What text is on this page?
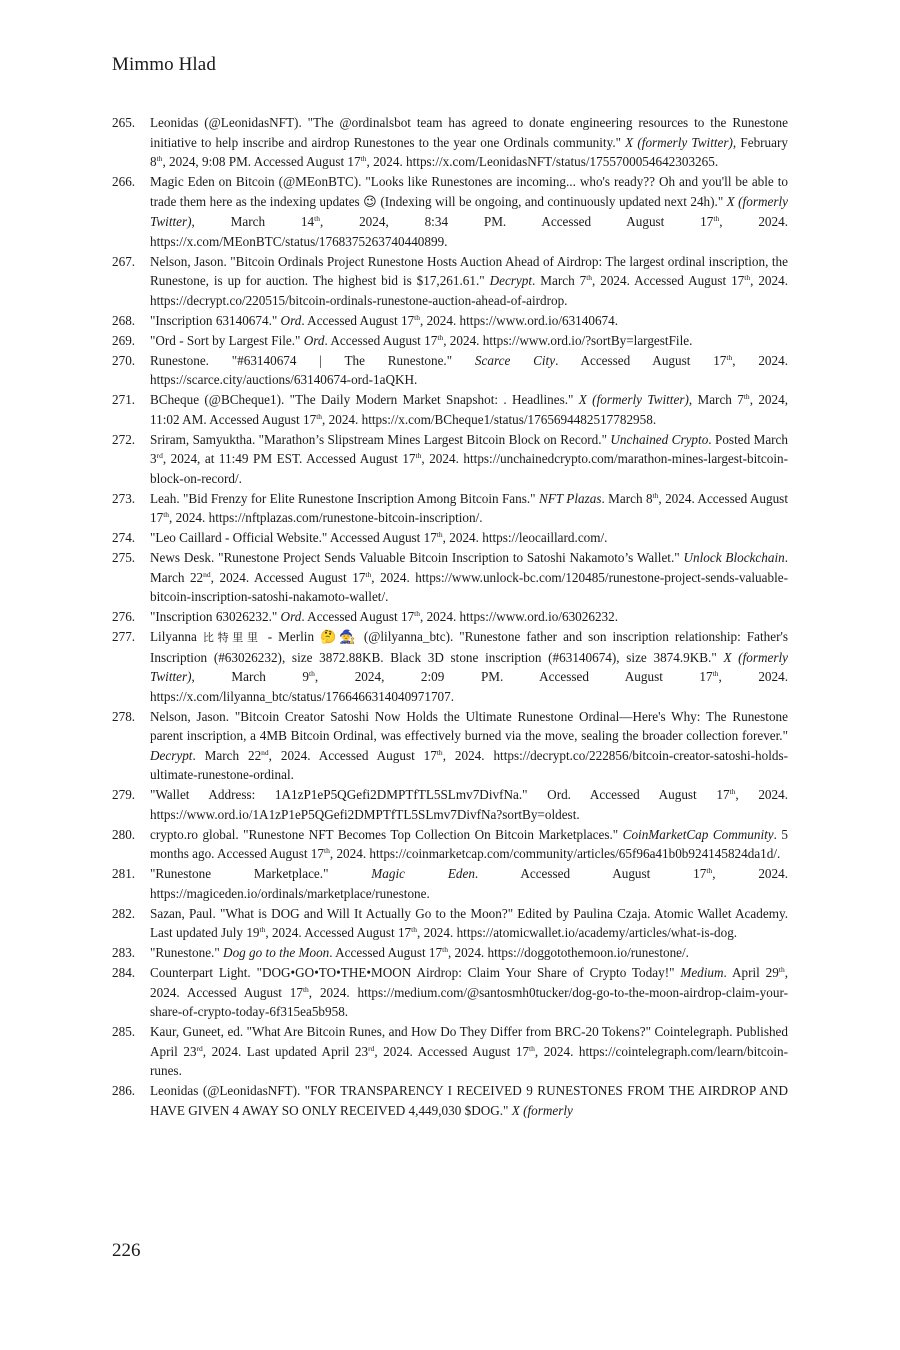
Mimmo Hlad
265. Leonidas (@LeonidasNFT). "The @ordinalsbot team has agreed to donate engineering resources to the Runestone initiative to help inscribe and airdrop Runestones to the year one Ordinals community." X (formerly Twitter), February 8th, 2024, 9:08 PM. Accessed August 17th, 2024. https://x.com/LeonidasNFT/status/1755700054642303265.
266. Magic Eden on Bitcoin (@MEonBTC). "Looks like Runestones are incoming... who's ready?? Oh and you'll be able to trade them here as the indexing updates 😉 (Indexing will be ongoing, and continuously updated next 24h)." X (formerly Twitter), March 14th, 2024, 8:34 PM. Accessed August 17th, 2024. https://x.com/MEonBTC/status/1768375263740440899.
267. Nelson, Jason. "Bitcoin Ordinals Project Runestone Hosts Auction Ahead of Airdrop: The largest ordinal inscription, the Runestone, is up for auction. The highest bid is $17,261.61." Decrypt. March 7th, 2024. Accessed August 17th, 2024. https://decrypt.co/220515/bitcoin-ordinals-runestone-auction-ahead-of-airdrop.
268. "Inscription 63140674." Ord. Accessed August 17th, 2024. https://www.ord.io/63140674.
269. "Ord - Sort by Largest File." Ord. Accessed August 17th, 2024. https://www.ord.io/?sortBy=largestFile.
270. Runestone. "#63140674 | The Runestone." Scarce City. Accessed August 17th, 2024. https://scarce.city/auctions/63140674-ord-1aQKH.
271. BCheque (@BCheque1). "The Daily Modern Market Snapshot: . Headlines." X (formerly Twitter), March 7th, 2024, 11:02 AM. Accessed August 17th, 2024. https://x.com/BCheque1/status/1765694482517782958.
272. Sriram, Samyuktha. "Marathon’s Slipstream Mines Largest Bitcoin Block on Record." Unchained Crypto. Posted March 3rd, 2024, at 11:49 PM EST. Accessed August 17th, 2024. https://unchainedcrypto.com/marathon-mines-largest-bitcoin-block-on-record/.
273. Leah. "Bid Frenzy for Elite Runestone Inscription Among Bitcoin Fans." NFT Plazas. March 8th, 2024. Accessed August 17th, 2024. https://nftplazas.com/runestone-bitcoin-inscription/.
274. "Leo Caillard - Official Website." Accessed August 17th, 2024. https://leocaillard.com/.
275. News Desk. "Runestone Project Sends Valuable Bitcoin Inscription to Satoshi Nakamoto’s Wallet." Unlock Blockchain. March 22nd, 2024. Accessed August 17th, 2024. https://www.unlock-bc.com/120485/runestone-project-sends-valuable-bitcoin-inscription-satoshi-nakamoto-wallet/.
276. "Inscription 63026232." Ord. Accessed August 17th, 2024. https://www.ord.io/63026232.
277. Lilyanna 比特里里 - Merlin 🤔🧙 (@lilyanna_btc). "Runestone father and son inscription relationship: Father's Inscription (#63026232), size 3872.88KB. Black 3D stone inscription (#63140674), size 3874.9KB." X (formerly Twitter), March 9th, 2024, 2:09 PM. Accessed August 17th, 2024. https://x.com/lilyanna_btc/status/1766466314040971707.
278. Nelson, Jason. "Bitcoin Creator Satoshi Now Holds the Ultimate Runestone Ordinal—Here's Why: The Runestone parent inscription, a 4MB Bitcoin Ordinal, was effectively burned via the move, sealing the broader collection forever." Decrypt. March 22nd, 2024. Accessed August 17th, 2024. https://decrypt.co/222856/bitcoin-creator-satoshi-holds-ultimate-runestone-ordinal.
279. "Wallet Address: 1A1zP1eP5QGefi2DMPTfTL5SLmv7DivfNa." Ord. Accessed August 17th, 2024. https://www.ord.io/1A1zP1eP5QGefi2DMPTfTL5SLmv7DivfNa?sortBy=oldest.
280. crypto.ro global. "Runestone NFT Becomes Top Collection On Bitcoin Marketplaces." CoinMarketCap Community. 5 months ago. Accessed August 17th, 2024. https://coinmarketcap.com/community/articles/65f96a41b0b924145824da1d/.
281. "Runestone Marketplace." Magic Eden. Accessed August 17th, 2024. https://magiceden.io/ordinals/marketplace/runestone.
282. Sazan, Paul. "What is DOG and Will It Actually Go to the Moon?" Edited by Paulina Czaja. Atomic Wallet Academy. Last updated July 19th, 2024. Accessed August 17th, 2024. https://atomicwallet.io/academy/articles/what-is-dog.
283. "Runestone." Dog go to the Moon. Accessed August 17th, 2024. https://doggotothemoon.io/runestone/.
284. Counterpart Light. "DOG•GO•TO•THE•MOON Airdrop: Claim Your Share of Crypto Today!" Medium. April 29th, 2024. Accessed August 17th, 2024. https://medium.com/@santosmh0tucker/dog-go-to-the-moon-airdrop-claim-your-share-of-crypto-today-6f315ea5b958.
285. Kaur, Guneet, ed. "What Are Bitcoin Runes, and How Do They Differ from BRC-20 Tokens?" Cointelegraph. Published April 23rd, 2024. Last updated April 23rd, 2024. Accessed August 17th, 2024. https://cointelegraph.com/learn/bitcoin-runes.
286. Leonidas (@LeonidasNFT). "FOR TRANSPARENCY I RECEIVED 9 RUNESTONES FROM THE AIRDROP AND HAVE GIVEN 4 AWAY SO ONLY RECEIVED 4,449,030 $DOG." X (formerly
226
